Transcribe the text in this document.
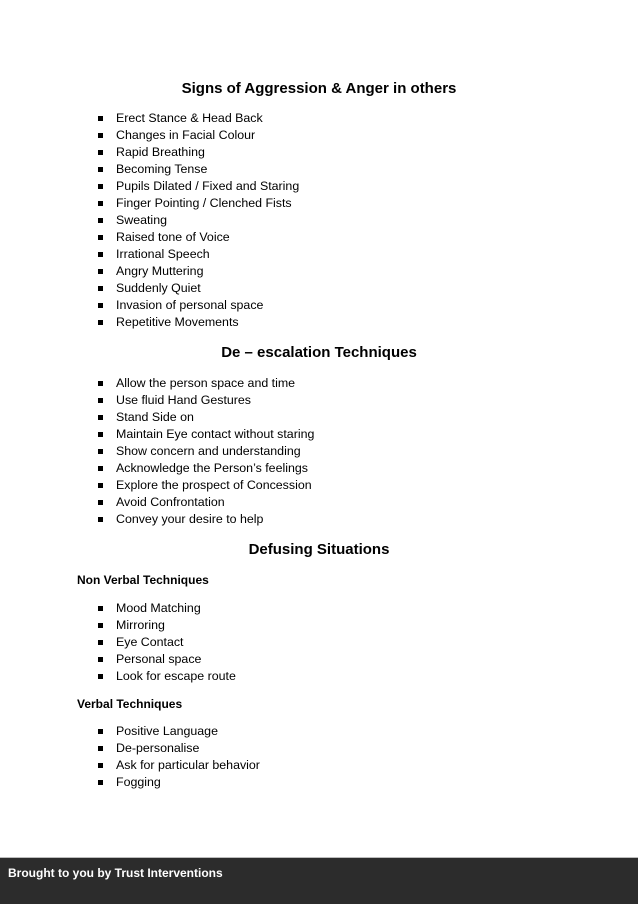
Signs of Aggression & Anger in others
Erect Stance & Head Back
Changes in Facial Colour
Rapid Breathing
Becoming Tense
Pupils Dilated / Fixed and Staring
Finger Pointing / Clenched Fists
Sweating
Raised tone of Voice
Irrational Speech
Angry Muttering
Suddenly Quiet
Invasion of personal space
Repetitive Movements
De – escalation Techniques
Allow the person space and time
Use fluid Hand Gestures
Stand Side on
Maintain Eye contact without staring
Show concern and understanding
Acknowledge the Person’s feelings
Explore the prospect of Concession
Avoid Confrontation
Convey your desire to help
Defusing Situations
Non Verbal Techniques
Mood Matching
Mirroring
Eye Contact
Personal space
Look for escape route
Verbal Techniques
Positive Language
De-personalise
Ask for particular behavior
Fogging
Brought to you by Trust Interventions
